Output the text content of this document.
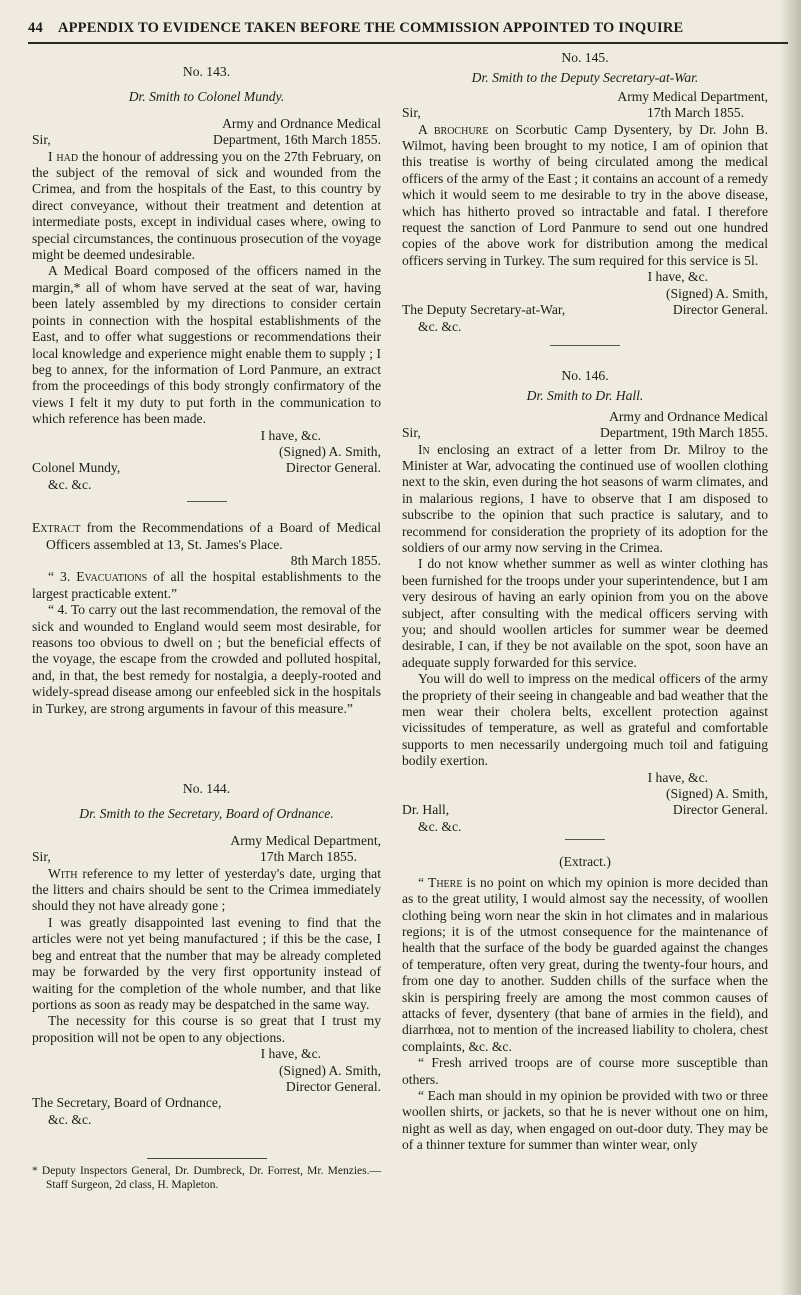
44 APPENDIX TO EVIDENCE TAKEN BEFORE THE COMMISSION APPOINTED TO INQUIRE

No. 143.

Dr. Smith to Colonel Mundy.

Army and Ordnance Medical

Sir,	Department, 16th March 1855.

I had the honour of addressing you on the 27th February, on the subject of the removal of sick and wounded from the Crimea, and from the hospitals of the East, to this country by direct conveyance, without their treatment and detention at intermediate posts, except in individual cases where, owing to special circumstances, the continuous prosecution of the voyage might be deemed undesirable.

A Medical Board composed of the officers named in the margin,* all of whom have served at the seat of war, having been lately assembled by my directions to consider certain points in connection with the hospital establishments of the East, and to offer what suggestions or recommendations their local knowledge and experience might enable them to supply ; I beg to annex, for the information of Lord Panmure, an extract from the proceedings of this body strongly confirmatory of the views I felt it my duty to put forth in the communication to which reference has been made.

I have, &c.

(Signed) A. Smith,

Colonel Mundy,	Director General.

&c. &c.

Extract from the Recommendations of a Board of Medical Officers assembled at 13, St. James's Place.

8th March 1855.

“ 3. Evacuations of all the hospital establishments to the largest practicable extent.”

“ 4. To carry out the last recommendation, the removal of the sick and wounded to England would seem most desirable, for reasons too obvious to dwell on ; but the beneficial effects of the voyage, the escape from the crowded and polluted hospital, and, in that, the best remedy for nostalgia, a deeply-rooted and widely-spread disease among our enfeebled sick in the hospitals in Turkey, are strong arguments in favour of this measure.”

No. 144.

Dr. Smith to the Secretary, Board of Ordnance.

Army Medical Department,

Sir,	17th March 1855.

With reference to my letter of yesterday's date, urging that the litters and chairs should be sent to the Crimea immediately should they not have already gone ;

I was greatly disappointed last evening to find that the articles were not yet being manufactured ; if this be the case, I beg and entreat that the number that may be already completed may be forwarded by the very first opportunity instead of waiting for the completion of the whole number, and that like portions as soon as ready may be despatched in the same way.

The necessity for this course is so great that I trust my proposition will not be open to any objections.

I have, &c.

(Signed) A. Smith,

Director General.

The Secretary, Board of Ordnance,

&c. &c.

* Deputy Inspectors General, Dr. Dumbreck, Dr. Forrest, Mr. Menzies.—Staff Surgeon, 2d class, H. Mapleton.

No. 145.

Dr. Smith to the Deputy Secretary-at-War.

Army Medical Department,

Sir,	17th March 1855.

A brochure on Scorbutic Camp Dysentery, by Dr. John B. Wilmot, having been brought to my notice, I am of opinion that this treatise is worthy of being circulated among the medical officers of the army of the East ; it contains an account of a remedy which it would seem to me desirable to try in the above disease, which has hitherto proved so intractable and fatal. I therefore request the sanction of Lord Panmure to send out one hundred copies of the above work for distribution among the medical officers serving in Turkey. The sum required for this service is 5l.

I have, &c.

(Signed) A. Smith,

The Deputy Secretary-at-War,	Director General.

&c. &c.

No. 146.

Dr. Smith to Dr. Hall.

Army and Ordnance Medical

Sir,	Department, 19th March 1855.

In enclosing an extract of a letter from Dr. Milroy to the Minister at War, advocating the continued use of woollen clothing next to the skin, even during the hot seasons of warm climates, and in malarious regions, I have to observe that I am disposed to subscribe to the opinion that such practice is salutary, and to recommend for consideration the propriety of its adoption for the soldiers of our army now serving in the Crimea.

I do not know whether summer as well as winter clothing has been furnished for the troops under your superintendence, but I am very desirous of having an early opinion from you on the above subject, after consulting with the medical officers serving with you; and should woollen articles for summer wear be deemed desirable, I can, if they be not available on the spot, soon have an adequate supply forwarded for this service.

You will do well to impress on the medical officers of the army the propriety of their seeing in changeable and bad weather that the men wear their cholera belts, excellent protection against vicissitudes of temperature, as well as grateful and comfortable supports to men necessarily undergoing much toil and fatiguing bodily exertion.

I have, &c.

(Signed) A. Smith,

Dr. Hall,	Director General.

&c. &c.

(Extract.)

“ There is no point on which my opinion is more decided than as to the great utility, I would almost say the necessity, of woollen clothing being worn near the skin in hot climates and in malarious regions; it is of the utmost consequence for the maintenance of health that the surface of the body be guarded against the changes of temperature, often very great, during the twenty-four hours, and from one day to another. Sudden chills of the surface when the skin is perspiring freely are among the most common causes of attacks of fever, dysentery (that bane of armies in the field), and diarrhœa, not to mention of the increased liability to cholera, chest complaints, &c. &c.

“ Fresh arrived troops are of course more susceptible than others.

“ Each man should in my opinion be provided with two or three woollen shirts, or jackets, so that he is never without one on him, night as well as day, when engaged on out-door duty. They may be of a thinner texture for summer than winter wear, only
